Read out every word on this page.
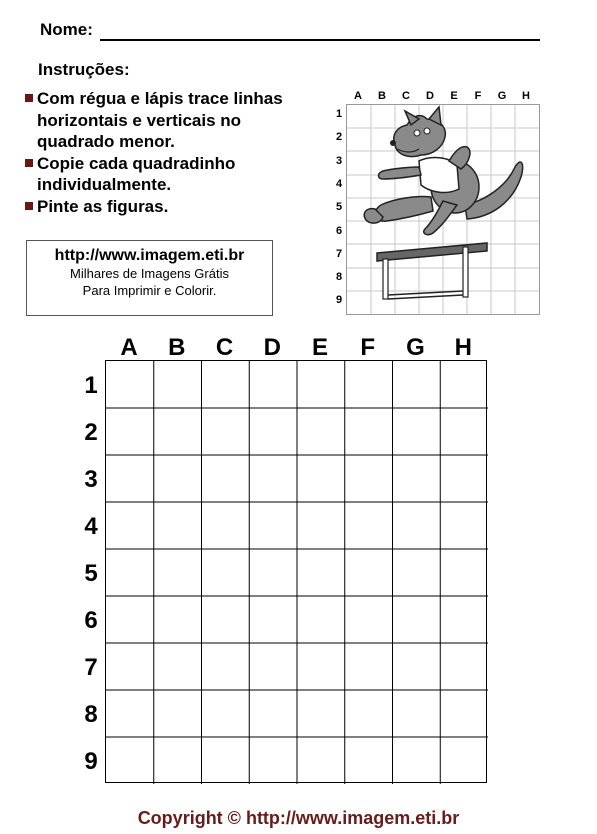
Nome:
Instruções:
Com régua e lápis trace linhas horizontais e verticais no quadrado menor.
Copie cada quadradinho individualmente.
Pinte as figuras.
http://www.imagem.eti.br
Milhares de Imagens Grátis
Para Imprimir e Colorir.
A	B	C	D	E	F	G	H
1
2
3
4
5
6
7
8
9
A	B	C	D	E	F	G	H
1
2
3
4
5
6
7
8
9
Copyright © http://www.imagem.eti.br
